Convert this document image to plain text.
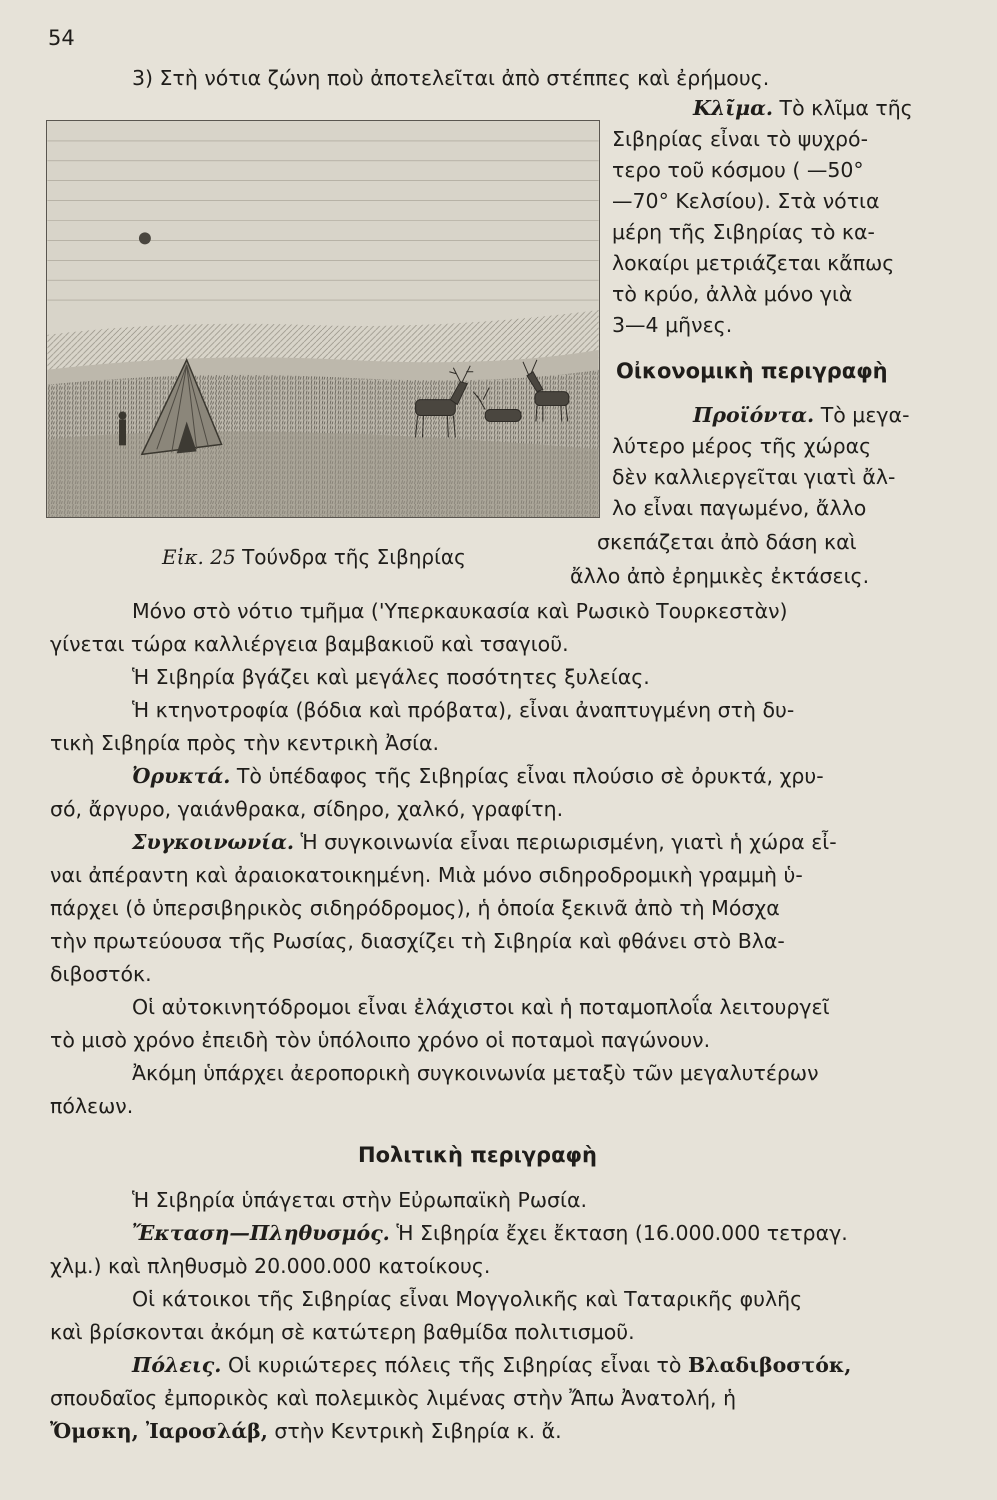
54
3) Στὴ νότια ζώνη ποὺ ἀποτελεῖται ἀπὸ στέππες καὶ ἐρήμους.
Εἰκ. 25 Τούνδρα τῆς Σιβηρίας
Κλῖμα. Τὸ κλῖμα τῆς
Σιβηρίας εἶναι τὸ ψυχρό-
τερο τοῦ κόσμου ( —50°
—70° Κελσίου). Στὰ νότια
μέρη τῆς Σιβηρίας τὸ κα-
λοκαίρι μετριάζεται κἄπως
τὸ κρύο, ἀλλὰ μόνο γιὰ
3—4 μῆνες.
Οἰκονομικὴ περιγραφὴ
Προϊόντα. Τὸ μεγα-
λύτερο μέρος τῆς χώρας
δὲν καλλιεργεῖται γιατὶ ἄλ-
λο εἶναι παγωμένο, ἄλλο
σκεπάζεται ἀπὸ δάση καὶ
ἄλλο ἀπὸ ἐρημικὲς ἐκτάσεις.
Μόνο στὸ νότιο τμῆμα ('Υπερκαυκασία καὶ Ρωσικὸ Τουρκεστὰν)
γίνεται τώρα καλλιέργεια βαμβακιοῦ καὶ τσαγιοῦ.
Ἡ Σιβηρία βγάζει καὶ μεγάλες ποσότητες ξυλείας.
Ἡ κτηνοτροφία (βόδια καὶ πρόβατα), εἶναι ἀναπτυγμένη στὴ δυ-
τικὴ Σιβηρία πρὸς τὴν κεντρικὴ Ἀσία.
Ὀρυκτά. Τὸ ὑπέδαφος τῆς Σιβηρίας εἶναι πλούσιο σὲ ὀρυκτά, χρυ-
σό, ἄργυρο, γαιάνθρακα, σίδηρο, χαλκό, γραφίτη.
Συγκοινωνία. Ἡ συγκοινωνία εἶναι περιωρισμένη, γιατὶ ἡ χώρα εἶ-
ναι ἀπέραντη καὶ ἀραιοκατοικημένη. Μιὰ μόνο σιδηροδρομικὴ γραμμὴ ὑ-
πάρχει (ὁ ὑπερσιβηρικὸς σιδηρόδρομος), ἡ ὁποία ξεκινᾶ ἀπὸ τὴ Μόσχα
τὴν πρωτεύουσα τῆς Ρωσίας, διασχίζει τὴ Σιβηρία καὶ φθάνει στὸ Βλα-
διβοστόκ.
Οἱ αὐτοκινητόδρομοι εἶναι ἐλάχιστοι καὶ ἡ ποταμοπλοΐα λειτουργεῖ
τὸ μισὸ χρόνο ἐπειδὴ τὸν ὑπόλοιπο χρόνο οἱ ποταμοὶ παγώνουν.
Ἀκόμη ὑπάρχει ἀεροπορικὴ συγκοινωνία μεταξὺ τῶν μεγαλυτέρων
πόλεων.
Πολιτικὴ περιγραφὴ
Ἡ Σιβηρία ὑπάγεται στὴν Εὐρωπαϊκὴ Ρωσία.
Ἔκταση—Πληθυσμός. Ἡ Σιβηρία ἔχει ἔκταση (16.000.000 τετραγ.
χλμ.) καὶ πληθυσμὸ 20.000.000 κατοίκους.
Οἱ κάτοικοι τῆς Σιβηρίας εἶναι Μογγολικῆς καὶ Ταταρικῆς φυλῆς
καὶ βρίσκονται ἀκόμη σὲ κατώτερη βαθμίδα πολιτισμοῦ.
Πόλεις. Οἱ κυριώτερες πόλεις τῆς Σιβηρίας εἶναι τὸ Βλαδιβοστόκ,
σπουδαῖος ἐμπορικὸς καὶ πολεμικὸς λιμένας στὴν Ἄπω Ἀνατολή, ἡ
Ὄμσκη, Ἰαροσλάβ, στὴν Κεντρικὴ Σιβηρία κ. ἄ.
